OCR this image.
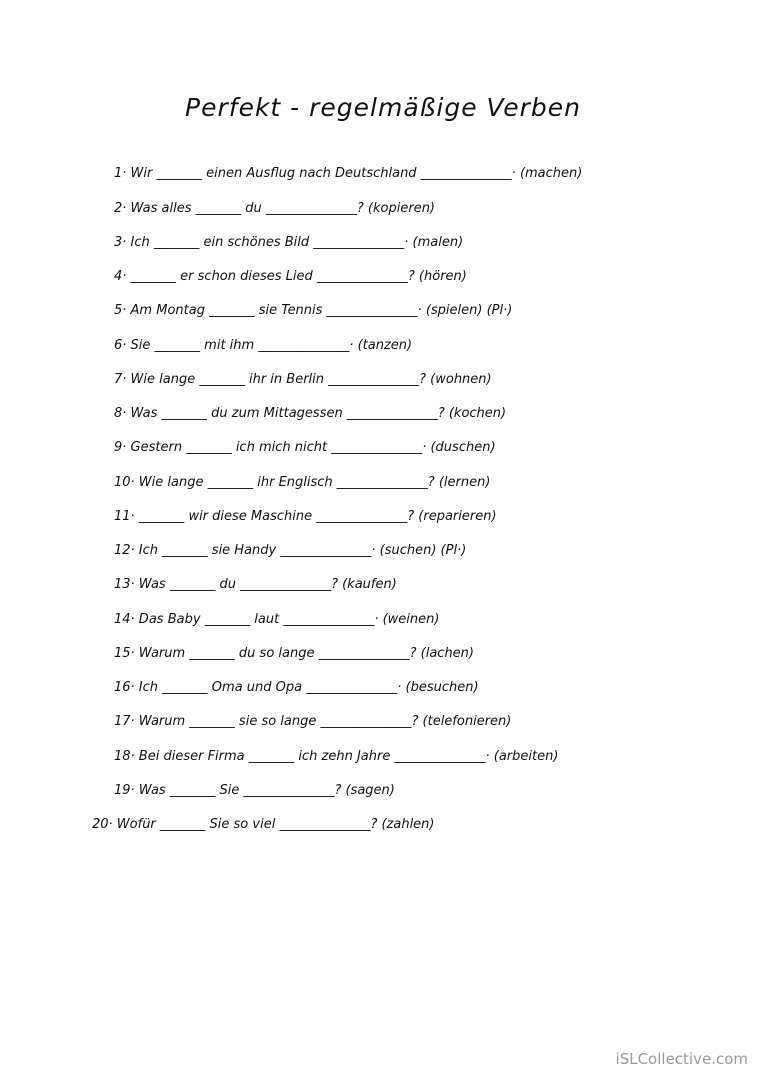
Perfekt - regelmäßige Verben
1· Wir _______ einen Ausflug nach Deutschland ______________· (machen)
2· Was alles _______ du ______________? (kopieren)
3· Ich _______ ein schönes Bild ______________· (malen)
4· _______ er schon dieses Lied ______________? (hören)
5· Am Montag _______ sie Tennis ______________· (spielen) (Pl·)
6· Sie _______ mit ihm ______________· (tanzen)
7· Wie lange _______ ihr in Berlin ______________? (wohnen)
8· Was _______ du zum Mittagessen ______________? (kochen)
9· Gestern _______ ich mich nicht ______________· (duschen)
10· Wie lange _______ ihr Englisch ______________? (lernen)
11· _______ wir diese Maschine ______________? (reparieren)
12· Ich _______ sie Handy ______________· (suchen) (Pl·)
13· Was _______ du ______________? (kaufen)
14· Das Baby _______ laut ______________· (weinen)
15· Warum _______ du so lange ______________? (lachen)
16· Ich _______ Oma und Opa ______________· (besuchen)
17· Warum _______ sie so lange ______________? (telefonieren)
18· Bei dieser Firma _______ ich zehn Jahre ______________· (arbeiten)
19· Was _______ Sie ______________? (sagen)
20· Wofür _______ Sie so viel ______________? (zahlen)
iSLCollective.com
